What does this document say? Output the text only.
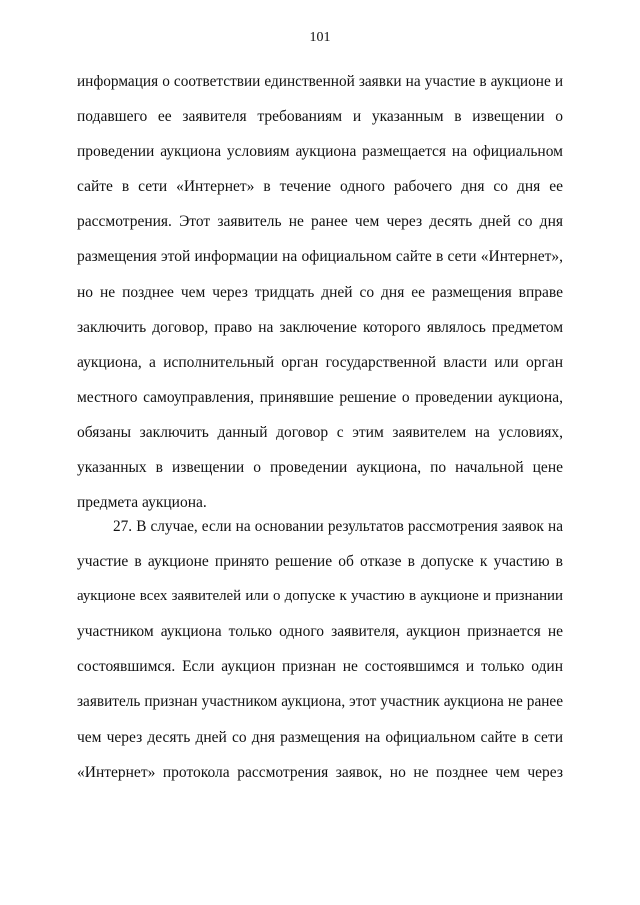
101
информация о соответствии единственной заявки на участие в аукционе и
подавшего ее заявителя требованиям и указанным в извещении о
проведении аукциона условиям аукциона размещается на официальном
сайте в сети «Интернет» в течение одного рабочего дня со дня ее
рассмотрения. Этот заявитель не ранее чем через десять дней со дня
размещения этой информации на официальном сайте в сети «Интернет»,
но не позднее чем через тридцать дней со дня ее размещения вправе
заключить договор, право на заключение которого являлось предметом
аукциона, а исполнительный орган государственной власти или орган
местного самоуправления, принявшие решение о проведении аукциона,
обязаны заключить данный договор с этим заявителем на условиях,
указанных в извещении о проведении аукциона, по начальной цене
предмета аукциона.
27. В случае, если на основании результатов рассмотрения заявок на
участие в аукционе принято решение об отказе в допуске к участию в
аукционе всех заявителей или о допуске к участию в аукционе и признании
участником аукциона только одного заявителя, аукцион признается не
состоявшимся. Если аукцион признан не состоявшимся и только один
заявитель признан участником аукциона, этот участник аукциона не ранее
чем через десять дней со дня размещения на официальном сайте в сети
«Интернет» протокола рассмотрения заявок, но не позднее чем через
